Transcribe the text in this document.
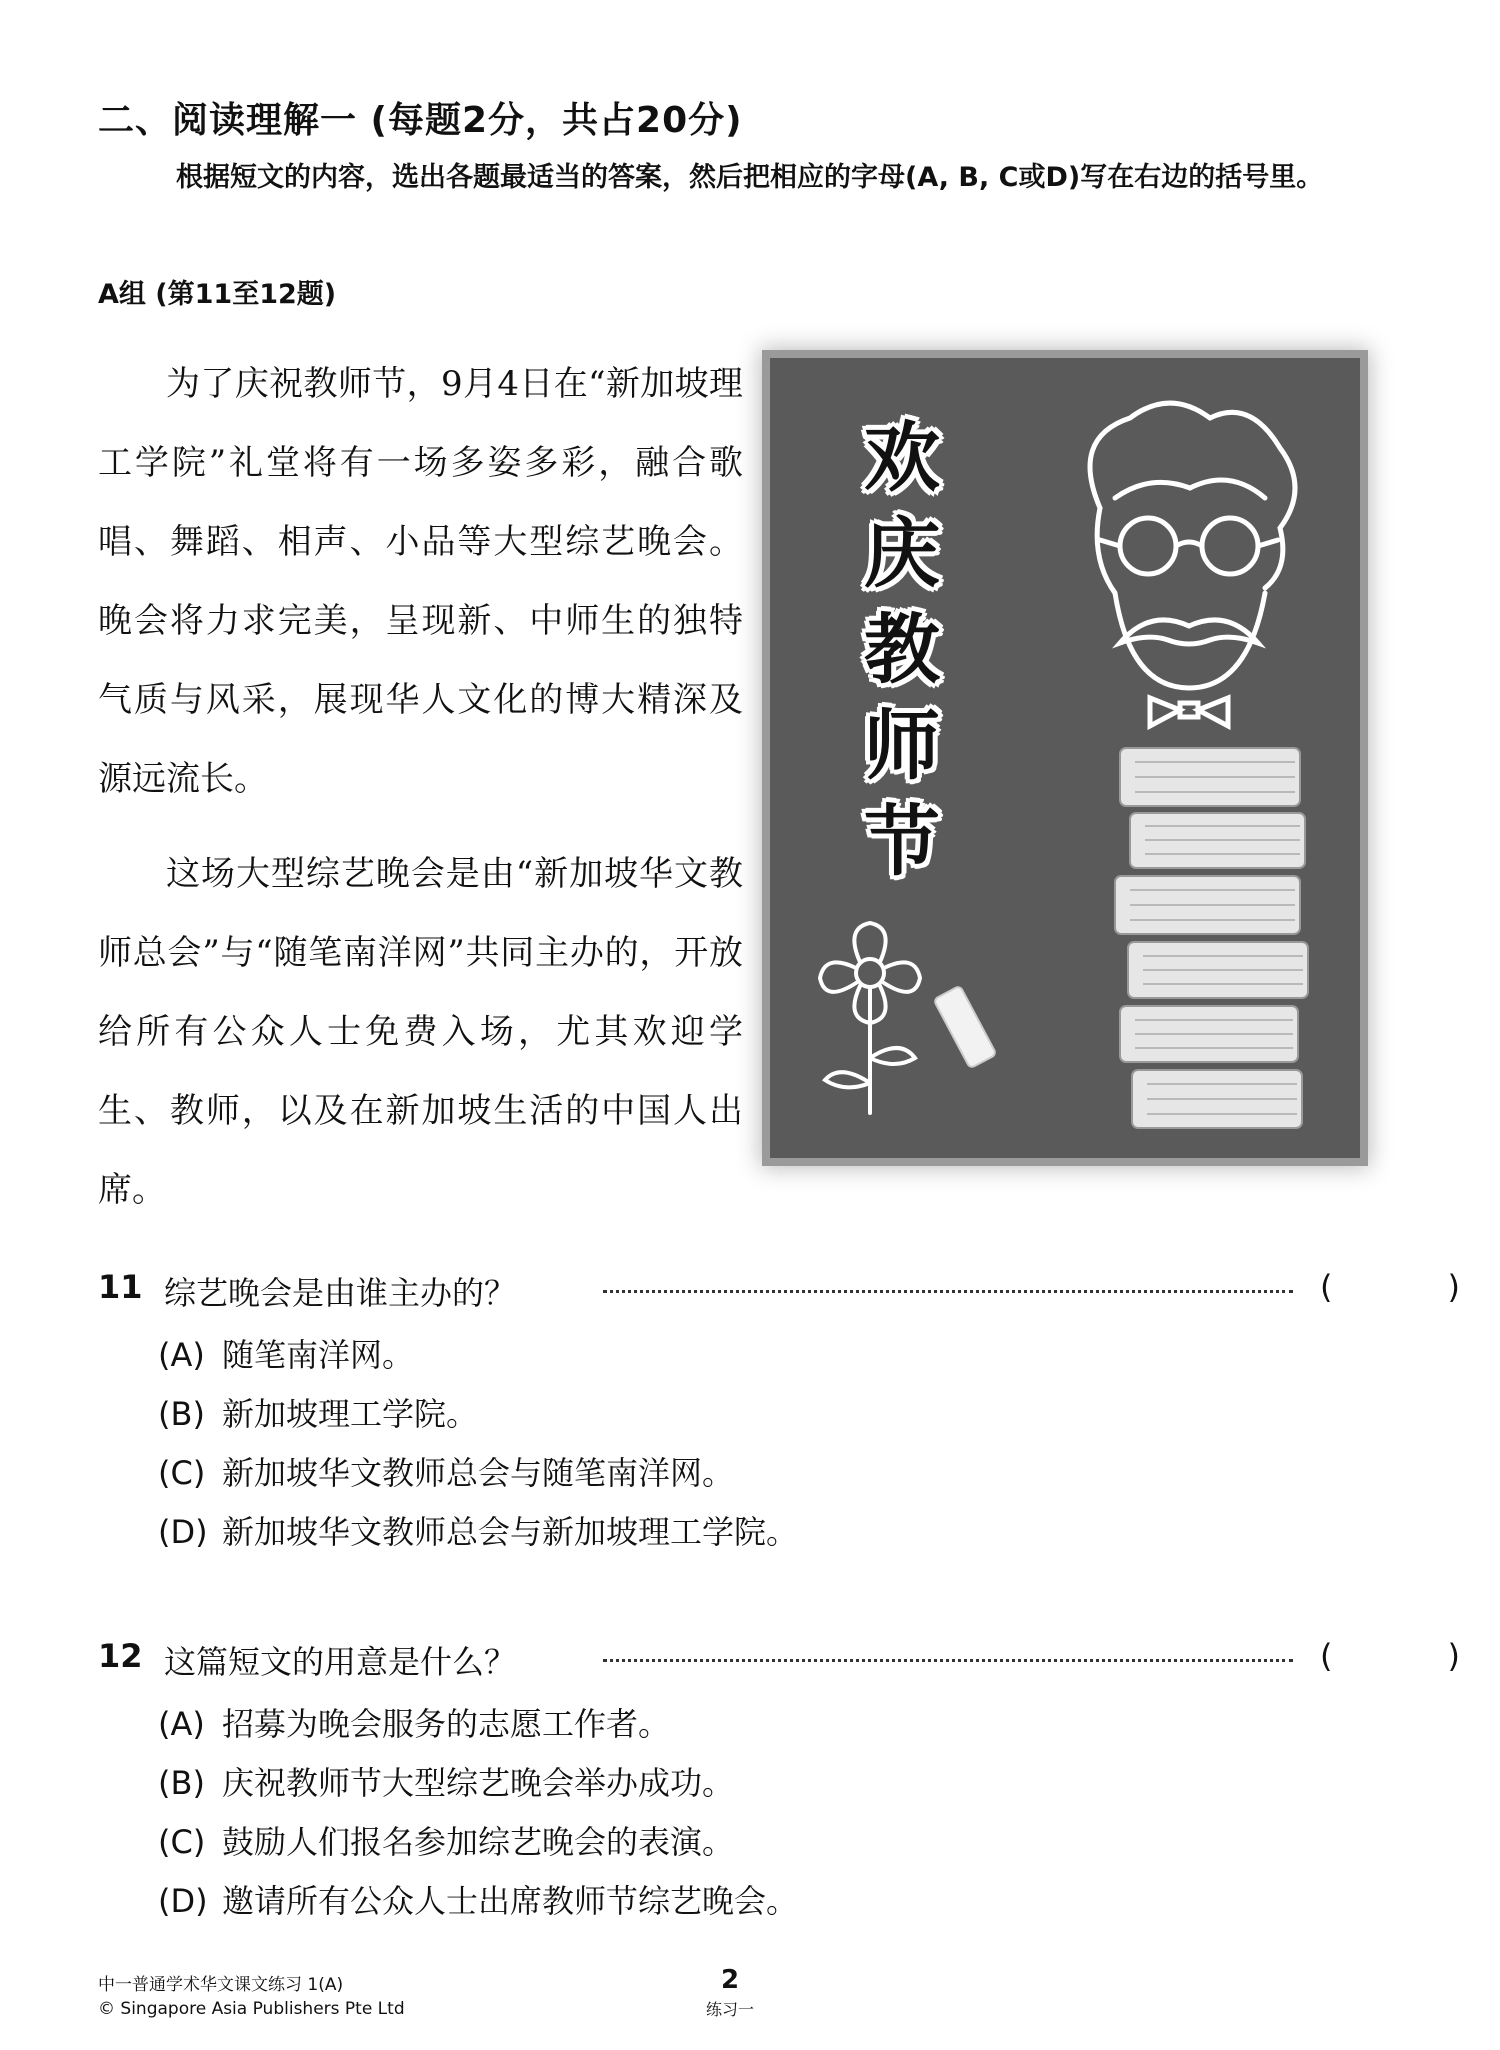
二、阅读理解一 (每题2分，共占20分)
根据短文的内容，选出各题最适当的答案，然后把相应的字母(A, B, C或D)写在右边的括号里。
A组 (第11至12题)

为了庆祝教师节，9月4日在“新加坡理工学院”礼堂将有一场多姿多彩，融合歌唱、舞蹈、相声、小品等大型综艺晚会。晚会将力求完美，呈现新、中师生的独特气质与风采，展现华人文化的博大精深及源远流长。

这场大型综艺晚会是由“新加坡华文教师总会”与“随笔南洋网”共同主办的，开放给所有公众人士免费入场，尤其欢迎学生、教师，以及在新加坡生活的中国人出席。

欢
庆
教
师
节
11 综艺晚会是由谁主办的？	(	)
(A) 随笔南洋网。
(B) 新加坡理工学院。
(C) 新加坡华文教师总会与随笔南洋网。
(D) 新加坡华文教师总会与新加坡理工学院。
12 这篇短文的用意是什么？	(	)
(A) 招募为晚会服务的志愿工作者。
(B) 庆祝教师节大型综艺晚会举办成功。
(C) 鼓励人们报名参加综艺晚会的表演。
(D) 邀请所有公众人士出席教师节综艺晚会。
中一普通学术华文课文练习 1(A)
© Singapore Asia Publishers Pte Ltd
2
练习一
